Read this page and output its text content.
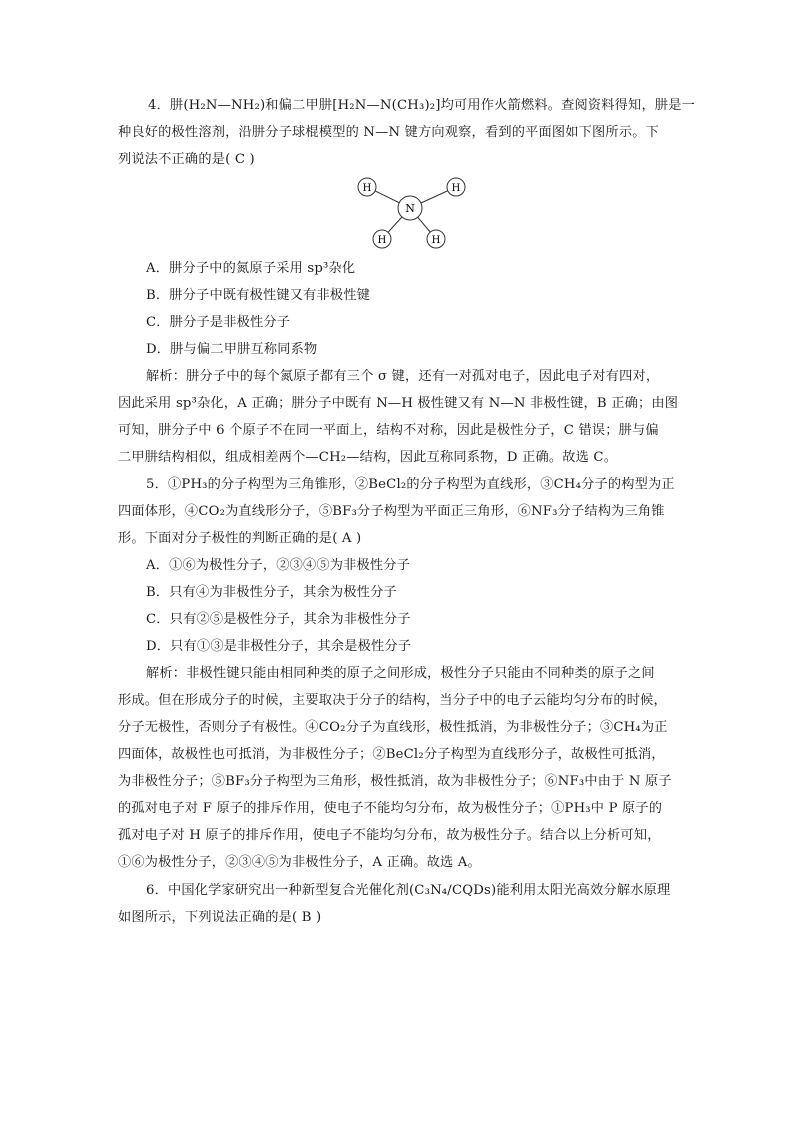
4．肼(H₂N—NH₂)和偏二甲肼[H₂N—N(CH₃)₂]均可用作火箭燃料。查阅资料得知，肼是一
种良好的极性溶剂，沿肼分子球棍模型的 N—N 键方向观察，看到的平面图如下图所示。下
列说法不正确的是( C )
H	H
H	H
N
A．肼分子中的氮原子采用 sp³杂化
B．肼分子中既有极性键又有非极性键
C．肼分子是非极性分子
D．肼与偏二甲肼互称同系物
解析：肼分子中的每个氮原子都有三个 σ 键，还有一对孤对电子，因此电子对有四对，
因此采用 sp³杂化，A 正确；肼分子中既有 N—H 极性键又有 N—N 非极性键，B 正确；由图
可知，肼分子中 6 个原子不在同一平面上，结构不对称，因此是极性分子，C 错误；肼与偏
二甲肼结构相似，组成相差两个—CH₂—结构，因此互称同系物，D 正确。故选 C。
5．①PH₃的分子构型为三角锥形，②BeCl₂的分子构型为直线形，③CH₄分子的构型为正
四面体形，④CO₂为直线形分子，⑤BF₃分子构型为平面正三角形，⑥NF₃分子结构为三角锥
形。下面对分子极性的判断正确的是( A )
A．①⑥为极性分子，②③④⑤为非极性分子
B．只有④为非极性分子，其余为极性分子
C．只有②⑤是极性分子，其余为非极性分子
D．只有①③是非极性分子，其余是极性分子
解析：非极性键只能由相同种类的原子之间形成，极性分子只能由不同种类的原子之间
形成。但在形成分子的时候，主要取决于分子的结构，当分子中的电子云能均匀分布的时候，
分子无极性，否则分子有极性。④CO₂分子为直线形，极性抵消，为非极性分子；③CH₄为正
四面体，故极性也可抵消，为非极性分子；②BeCl₂分子构型为直线形分子，故极性可抵消，
为非极性分子；⑤BF₃分子构型为三角形，极性抵消，故为非极性分子；⑥NF₃中由于 N 原子
的孤对电子对 F 原子的排斥作用，使电子不能均匀分布，故为极性分子；①PH₃中 P 原子的
孤对电子对 H 原子的排斥作用，使电子不能均匀分布，故为极性分子。结合以上分析可知，
①⑥为极性分子，②③④⑤为非极性分子，A 正确。故选 A。
6．中国化学家研究出一种新型复合光催化剂(C₃N₄/CQDs)能利用太阳光高效分解水原理
如图所示，下列说法正确的是( B )
